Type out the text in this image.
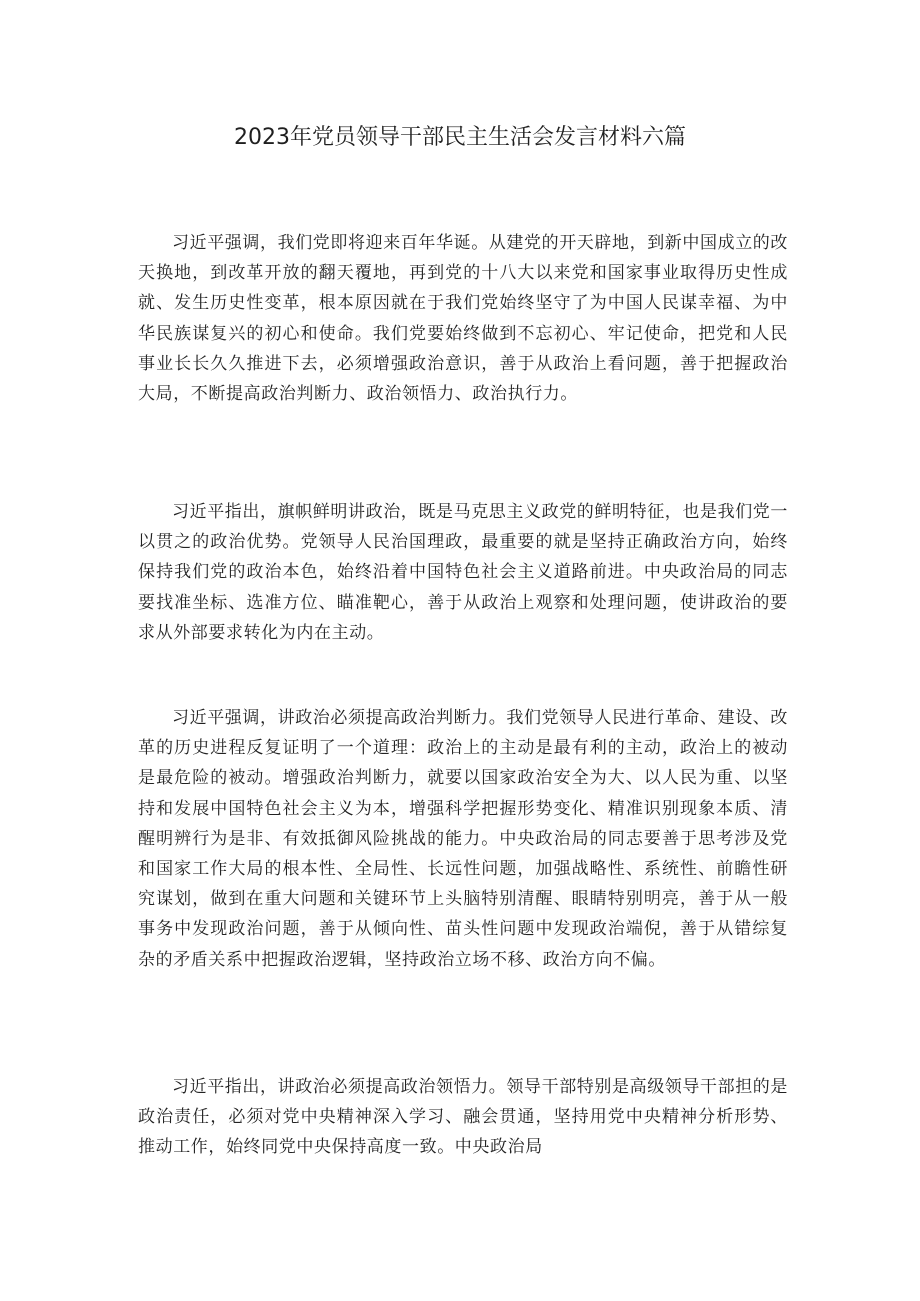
2023年党员领导干部民主生活会发言材料六篇

习近平强调，我们党即将迎来百年华诞。从建党的开天辟地，到新中国成立的改天换地，到改革开放的翻天覆地，再到党的十八大以来党和国家事业取得历史性成就、发生历史性变革，根本原因就在于我们党始终坚守了为中国人民谋幸福、为中华民族谋复兴的初心和使命。我们党要始终做到不忘初心、牢记使命，把党和人民事业长长久久推进下去，必须增强政治意识，善于从政治上看问题，善于把握政治大局，不断提高政治判断力、政治领悟力、政治执行力。

习近平指出，旗帜鲜明讲政治，既是马克思主义政党的鲜明特征，也是我们党一以贯之的政治优势。党领导人民治国理政，最重要的就是坚持正确政治方向，始终保持我们党的政治本色，始终沿着中国特色社会主义道路前进。中央政治局的同志要找准坐标、选准方位、瞄准靶心，善于从政治上观察和处理问题，使讲政治的要求从外部要求转化为内在主动。

习近平强调，讲政治必须提高政治判断力。我们党领导人民进行革命、建设、改革的历史进程反复证明了一个道理：政治上的主动是最有利的主动，政治上的被动是最危险的被动。增强政治判断力，就要以国家政治安全为大、以人民为重、以坚持和发展中国特色社会主义为本，增强科学把握形势变化、精准识别现象本质、清醒明辨行为是非、有效抵御风险挑战的能力。中央政治局的同志要善于思考涉及党和国家工作大局的根本性、全局性、长远性问题，加强战略性、系统性、前瞻性研究谋划，做到在重大问题和关键环节上头脑特别清醒、眼睛特别明亮，善于从一般事务中发现政治问题，善于从倾向性、苗头性问题中发现政治端倪，善于从错综复杂的矛盾关系中把握政治逻辑，坚持政治立场不移、政治方向不偏。

习近平指出，讲政治必须提高政治领悟力。领导干部特别是高级领导干部担的是政治责任，必须对党中央精神深入学习、融会贯通，坚持用党中央精神分析形势、推动工作，始终同党中央保持高度一致。中央政治局
